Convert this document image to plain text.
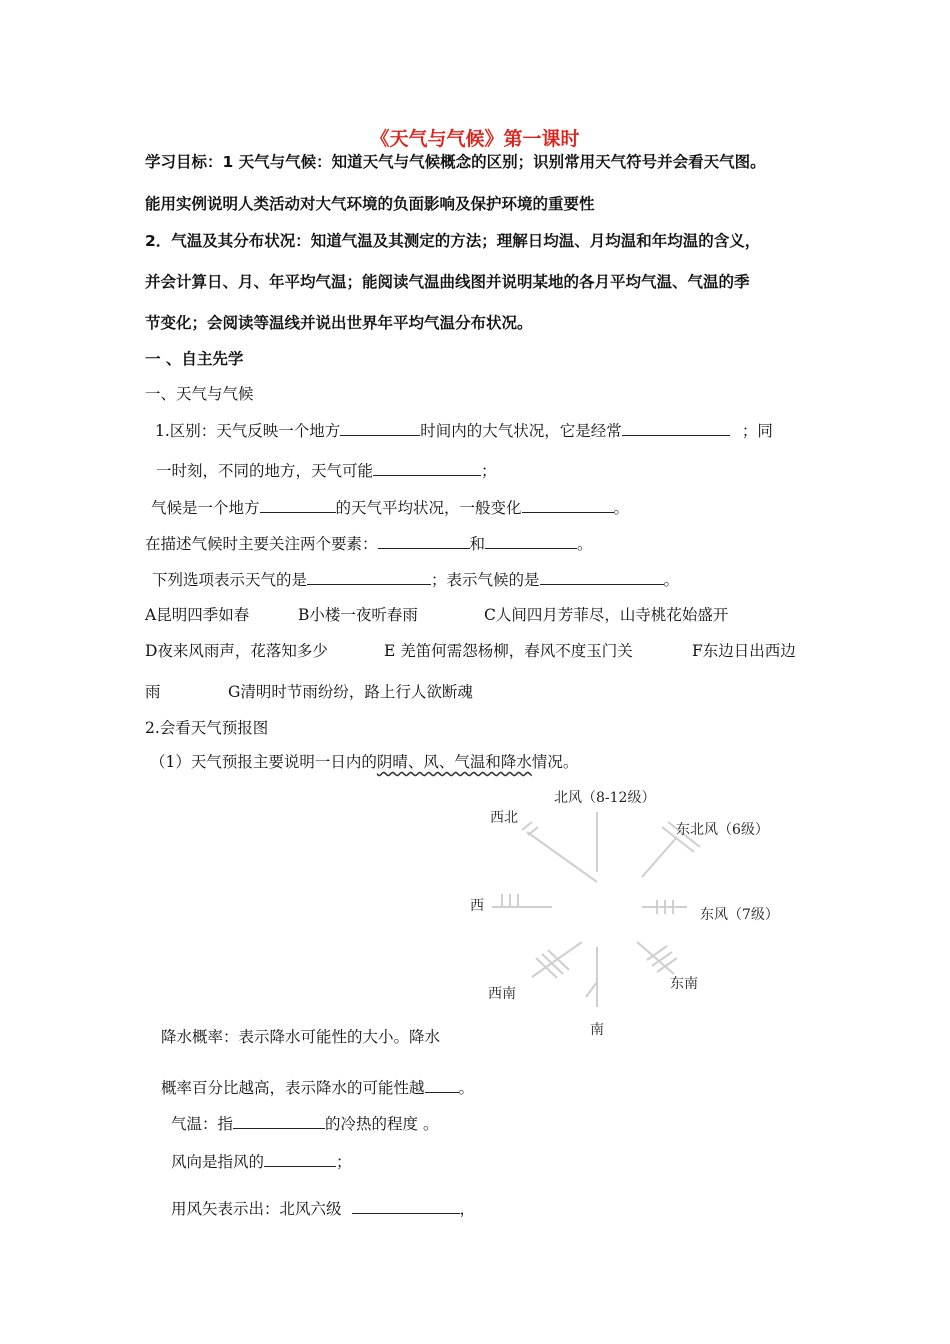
《天气与气候》第一课时
学习目标：1 天气与气候：知道天气与气候概念的区别；识别常用天气符号并会看天气图。
能用实例说明人类活动对大气环境的负面影响及保护环境的重要性
2．气温及其分布状况：知道气温及其测定的方法；理解日均温、月均温和年均温的含义，
并会计算日、月、年平均气温；能阅读气温曲线图并说明某地的各月平均气温、气温的季
节变化；会阅读等温线并说出世界年平均气温分布状况。
一 、自主先学
一、天气与气候
1.区别：天气反映一个地方	时间内的大气状况，它是经常	；同
一时刻，不同的地方，天气可能	；
气候是一个地方	的天气平均状况，一般变化	。
在描述气候时主要关注两个要素：	和	。
下列选项表示天气的是	；表示气候的是	。
A昆明四季如春	B小楼一夜听春雨	C人间四月芳菲尽，山寺桃花始盛开
D夜来风雨声，花落知多少	E 羌笛何需怨杨柳，春风不度玉门关	F东边日出西边
雨	G清明时节雨纷纷，路上行人欲断魂
2.会看天气预报图
（1）天气预报主要说明一日内的阴晴、风、气温和降水情况。
北风（8-12级）
西北
东北风（6级）
西
东风（7级）
西南
东南
南
降水概率：表示降水可能性的大小。降水
概率百分比越高，表示降水的可能性越 。
气温：指	的冷热的程度 。
风向是指风的	；
用风矢表示出：北风六级	，
